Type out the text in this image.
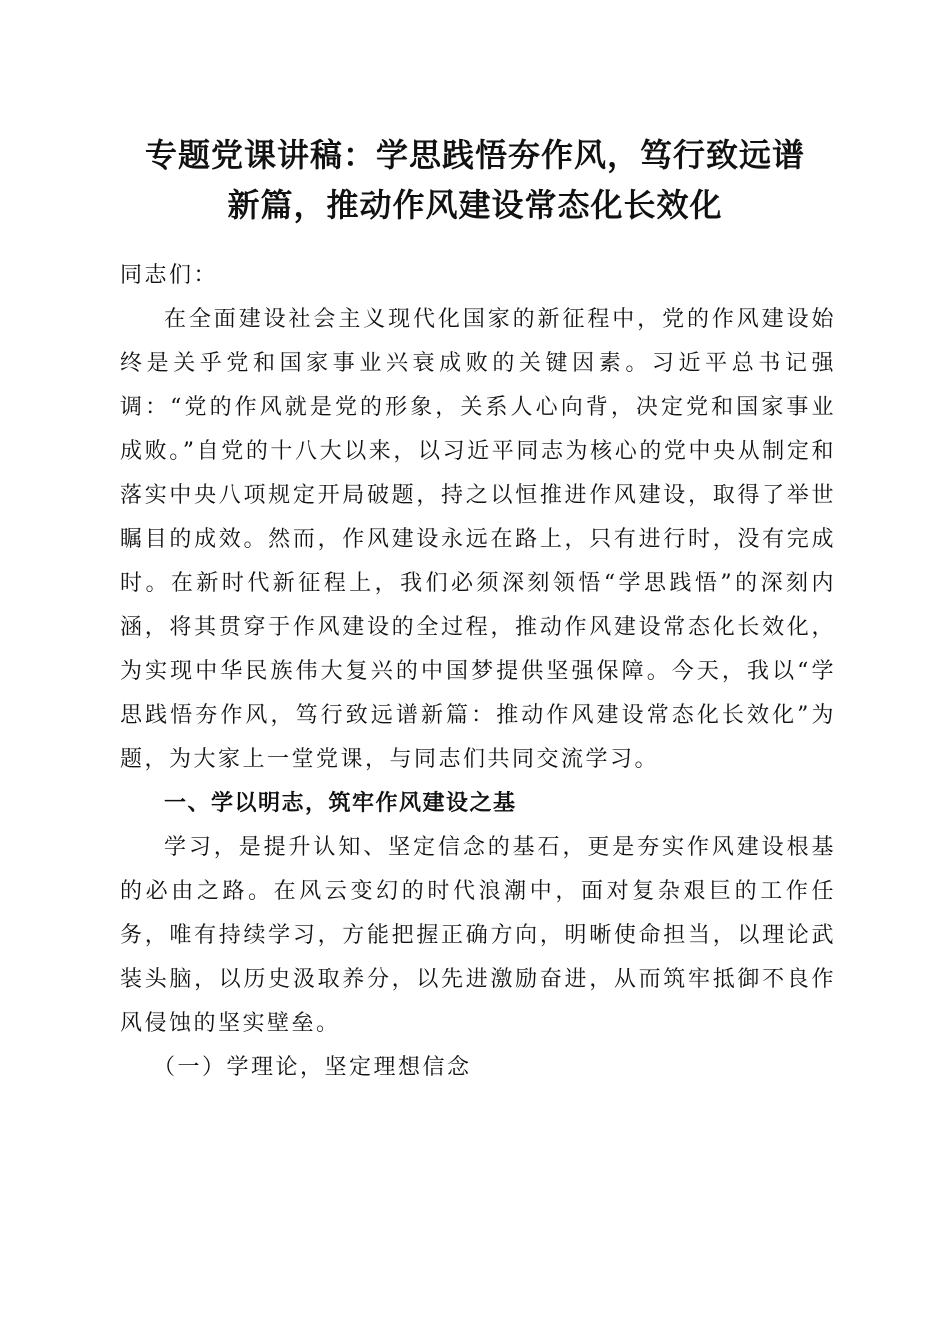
专题党课讲稿：学思践悟夯作风，笃行致远谱
新篇，推动作风建设常态化长效化

同志们：

在全面建设社会主义现代化国家的新征程中，党的作风建设始终是关乎党和国家事业兴衰成败的关键因素。习近平总书记强调：“党的作风就是党的形象，关系人心向背，决定党和国家事业成败。”自党的十八大以来，以习近平同志为核心的党中央从制定和落实中央八项规定开局破题，持之以恒推进作风建设，取得了举世瞩目的成效。然而，作风建设永远在路上，只有进行时，没有完成时。在新时代新征程上，我们必须深刻领悟“学思践悟”的深刻内涵，将其贯穿于作风建设的全过程，推动作风建设常态化长效化，为实现中华民族伟大复兴的中国梦提供坚强保障。今天，我以“学思践悟夯作风，笃行致远谱新篇：推动作风建设常态化长效化”为题，为大家上一堂党课，与同志们共同交流学习。

一、学以明志，筑牢作风建设之基

学习，是提升认知、坚定信念的基石，更是夯实作风建设根基的必由之路。在风云变幻的时代浪潮中，面对复杂艰巨的工作任务，唯有持续学习，方能把握正确方向，明晰使命担当，以理论武装头脑，以历史汲取养分，以先进激励奋进，从而筑牢抵御不良作风侵蚀的坚实壁垒。

（一）学理论，坚定理想信念
